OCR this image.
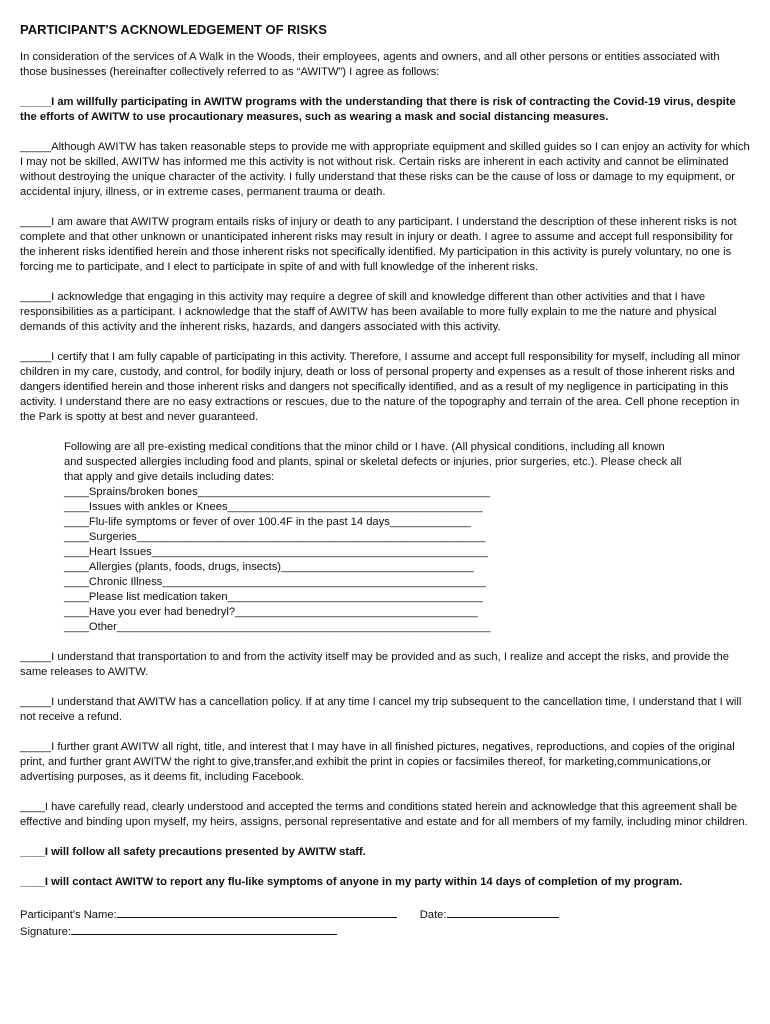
PARTICIPANT'S ACKNOWLEDGEMENT OF RISKS

In consideration of the services of A Walk in the Woods, their employees, agents and owners, and all other persons or entities associated with those businesses (hereinafter collectively referred to as “AWITW”) I agree as follows:

_____I am willfully participating in AWITW programs with the understanding that there is risk of contracting the Covid-19 virus, despite the efforts of AWITW to use procautionary measures, such as wearing a mask and social distancing measures.

_____Although AWITW has taken reasonable steps to provide me with appropriate equipment and skilled guides so I can enjoy an activity for which I may not be skilled, AWITW has informed me this activity is not without risk. Certain risks are inherent in each activity and cannot be eliminated without destroying the unique character of the activity. I fully understand that these risks can be the cause of loss or damage to my equipment, or accidental injury, illness, or in extreme cases, permanent trauma or death.

_____I am aware that AWITW program entails risks of injury or death to any participant. I understand the description of these inherent risks is not complete and that other unknown or unanticipated inherent risks may result in injury or death. I agree to assume and accept full responsibility for the inherent risks identified herein and those inherent risks not specifically identified. My participation in this activity is purely voluntary, no one is forcing me to participate, and I elect to participate in spite of and with full knowledge of the inherent risks.

_____I acknowledge that engaging in this activity may require a degree of skill and knowledge different than other activities and that I have responsibilities as a participant. I acknowledge that the staff of AWITW has been available to more fully explain to me the nature and physical demands of this activity and the inherent risks, hazards, and dangers associated with this activity.

_____I certify that I am fully capable of participating in this activity. Therefore, I assume and accept full responsibility for myself, including all minor children in my care, custody, and control, for bodily injury, death or loss of personal property and expenses as a result of those inherent risks and dangers identified herein and those inherent risks and dangers not specifically identified, and as a result of my negligence in participating in this activity. I understand there are no easy extractions or rescues, due to the nature of the topography and terrain of the area. Cell phone reception in the Park is spotty at best and never guaranteed.

Following are all pre-existing medical conditions that the minor child or I have. (All physical conditions, including all known and suspected allergies including food and plants, spinal or skeletal defects or injuries, prior surgeries, etc.). Please check all that apply and give details including dates:

____Sprains/broken bones_______________________________________________
____Issues with ankles or Knees_________________________________________
____Flu-life symptoms or fever of over 100.4F in the past 14 days_____________
____Surgeries________________________________________________________
____Heart Issues______________________________________________________
____Allergies (plants, foods, drugs, insects)_______________________________
____Chronic Illness____________________________________________________
____Please list medication taken_________________________________________
____Have you ever had benedryl?_______________________________________
____Other____________________________________________________________

_____I understand that transportation to and from the activity itself may be provided and as such, I realize and accept the risks, and provide the same releases to AWITW.

_____I understand that AWITW has a cancellation policy. If at any time I cancel my trip subsequent to the cancellation time, I understand that I will not receive a refund.

_____I further grant AWITW all right, title, and interest that I may have in all finished pictures, negatives, reproductions, and copies of the original print, and further grant AWITW the right to give,transfer,and exhibit the print in copies or facsimiles thereof, for marketing,communications,or advertising purposes, as it deems fit, including Facebook.

____I have carefully read, clearly understood and accepted the terms and conditions stated herein and acknowledge that this agreement shall be effective and binding upon myself, my heirs, assigns, personal representative and estate and for all members of my family, including minor children.

____I will follow all safety precautions presented by AWITW staff.

____I will contact AWITW to report any flu-like symptoms of anyone in my party within 14 days of completion of my program.

Participant's Name:	Date:
Signature:
